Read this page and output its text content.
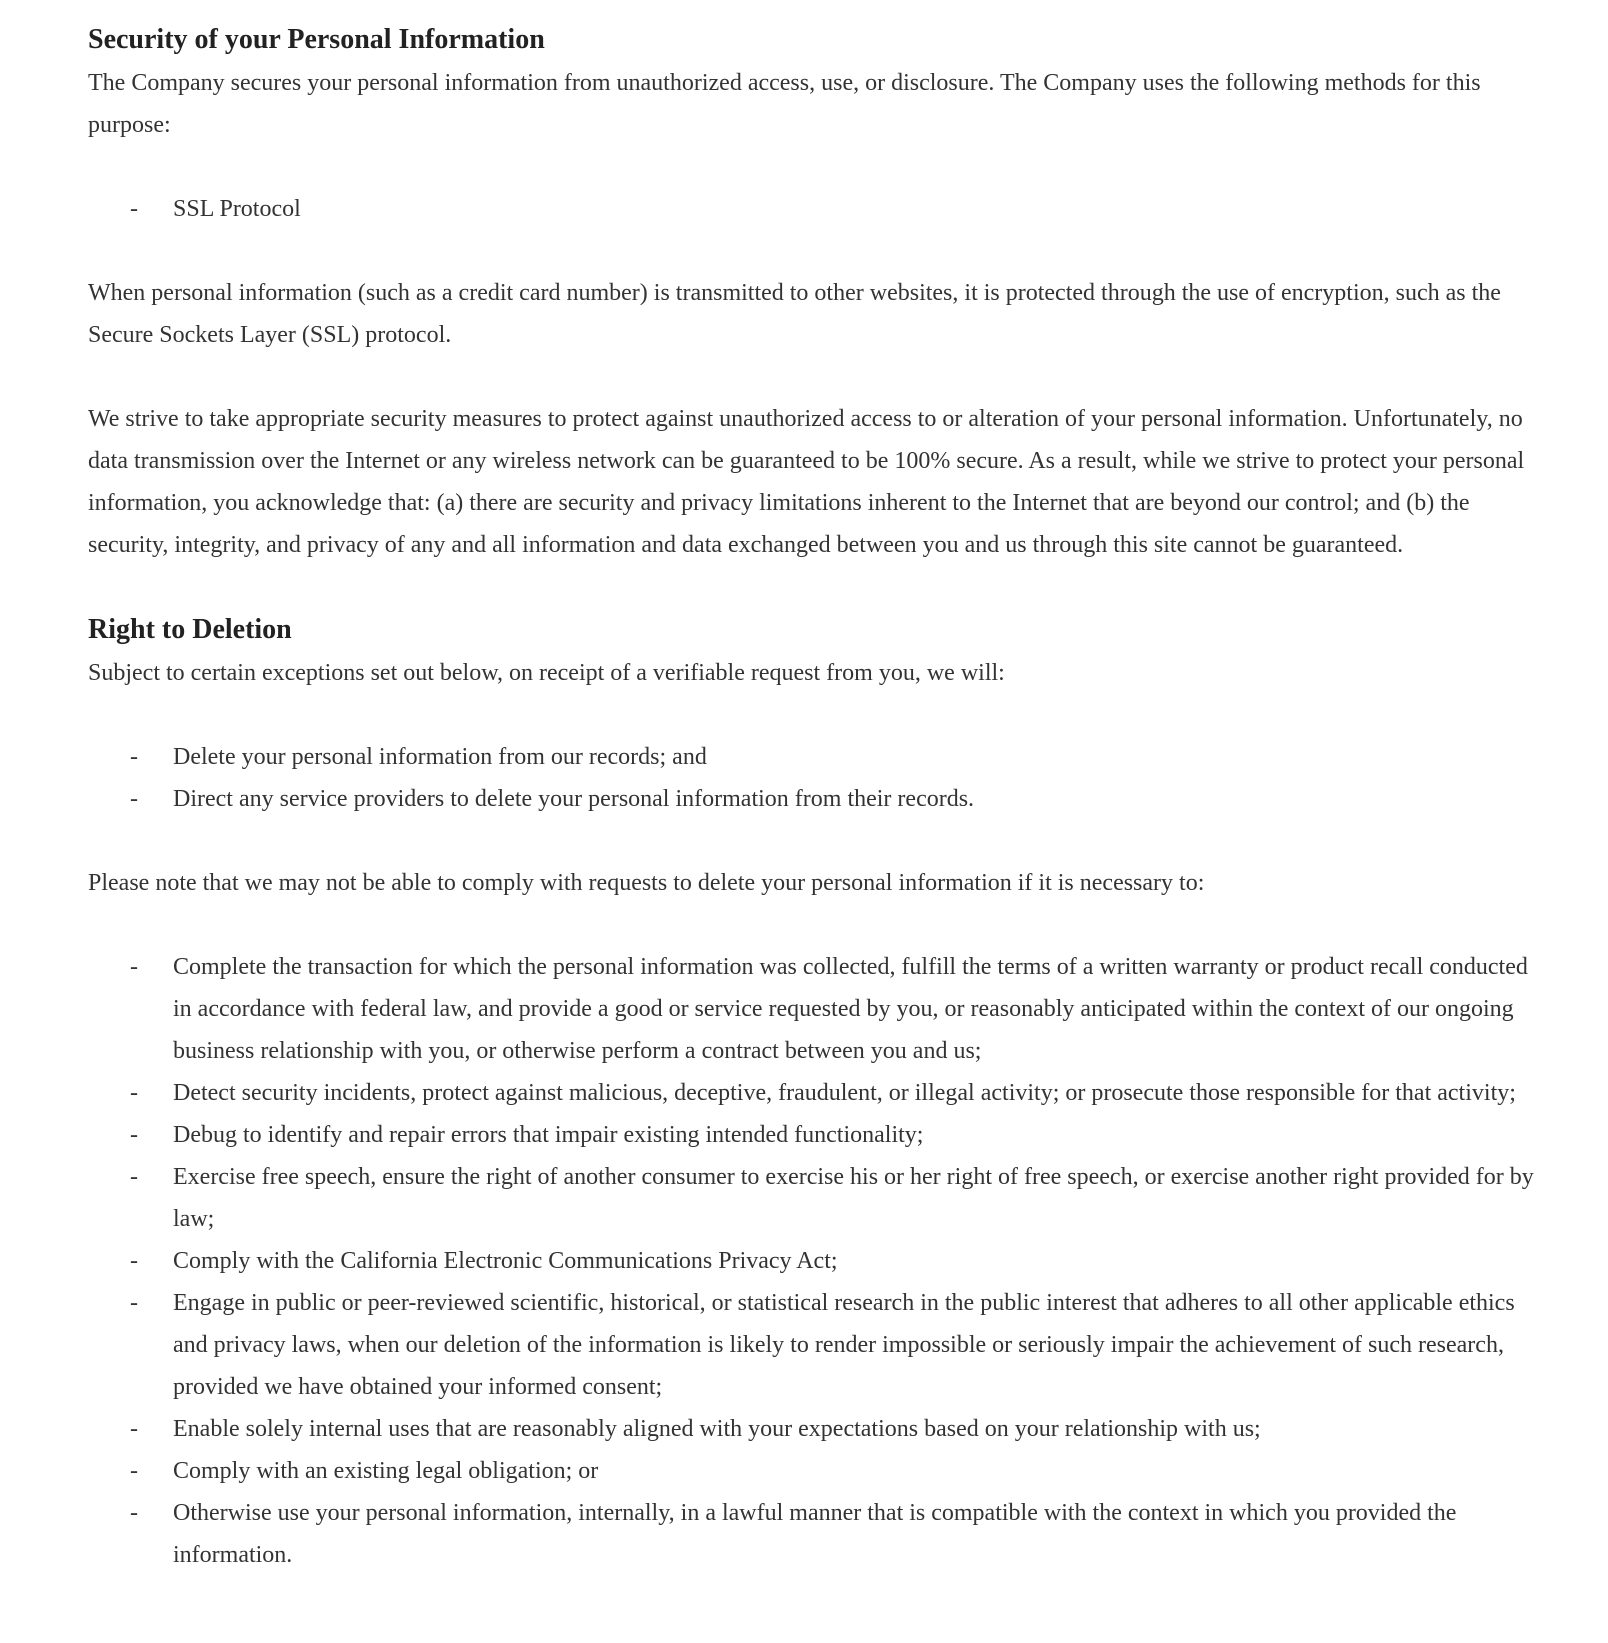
Security of your Personal Information

The Company secures your personal information from unauthorized access, use, or disclosure. The Company uses the following methods for this purpose:

- SSL Protocol

When personal information (such as a credit card number) is transmitted to other websites, it is protected through the use of encryption, such as the Secure Sockets Layer (SSL) protocol.

We strive to take appropriate security measures to protect against unauthorized access to or alteration of your personal information. Unfortunately, no data transmission over the Internet or any wireless network can be guaranteed to be 100% secure. As a result, while we strive to protect your personal information, you acknowledge that: (a) there are security and privacy limitations inherent to the Internet that are beyond our control; and (b) the security, integrity, and privacy of any and all information and data exchanged between you and us through this site cannot be guaranteed.

Right to Deletion

Subject to certain exceptions set out below, on receipt of a verifiable request from you, we will:

- Delete your personal information from our records; and
- Direct any service providers to delete your personal information from their records.

Please note that we may not be able to comply with requests to delete your personal information if it is necessary to:

- Complete the transaction for which the personal information was collected, fulfill the terms of a written warranty or product recall conducted in accordance with federal law, and provide a good or service requested by you, or reasonably anticipated within the context of our ongoing business relationship with you, or otherwise perform a contract between you and us;
- Detect security incidents, protect against malicious, deceptive, fraudulent, or illegal activity; or prosecute those responsible for that activity;
- Debug to identify and repair errors that impair existing intended functionality;
- Exercise free speech, ensure the right of another consumer to exercise his or her right of free speech, or exercise another right provided for by law;
- Comply with the California Electronic Communications Privacy Act;
- Engage in public or peer-reviewed scientific, historical, or statistical research in the public interest that adheres to all other applicable ethics and privacy laws, when our deletion of the information is likely to render impossible or seriously impair the achievement of such research, provided we have obtained your informed consent;
- Enable solely internal uses that are reasonably aligned with your expectations based on your relationship with us;
- Comply with an existing legal obligation; or
- Otherwise use your personal information, internally, in a lawful manner that is compatible with the context in which you provided the information.
